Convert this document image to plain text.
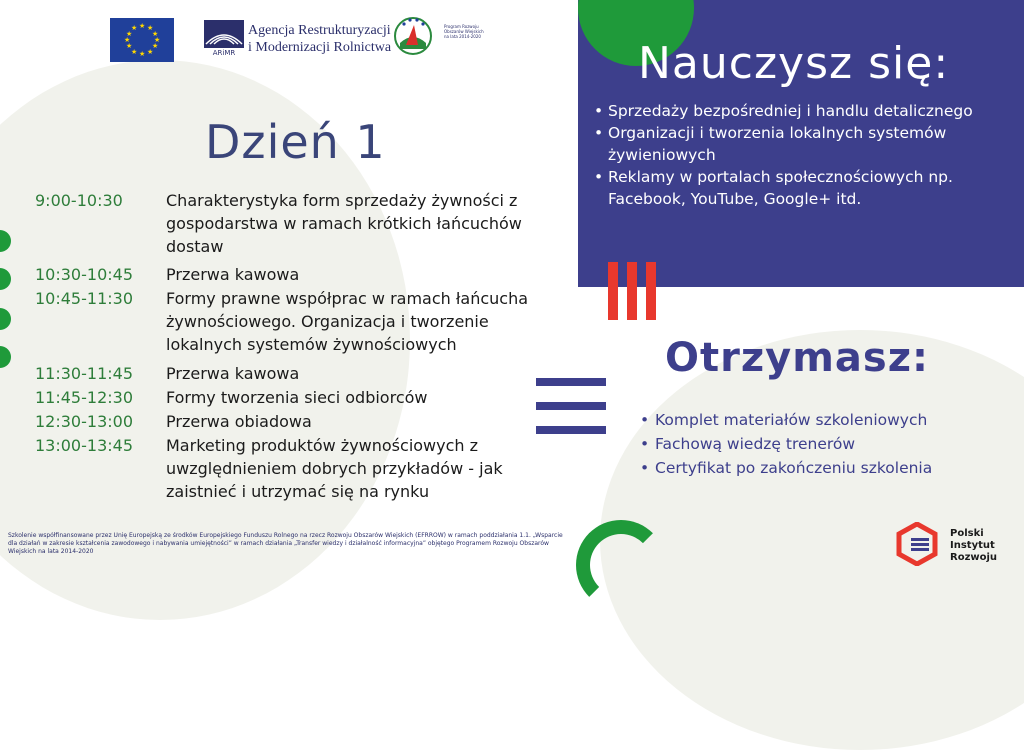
★ ★
★
★
★
★
★
★
★
★
★
★
ARiMR
Agencja Restrukturyzacji
i Modernizacji Rolnictwa
Program Rozwoju Obszarów Wiejskich na lata 2014-2020
Dzień 1
9:00-10:30	Charakterystyka form sprzedaży żywności z
gospodarstwa w ramach krótkich łańcuchów
dostaw
10:30-10:45	Przerwa kawowa
10:45-11:30	Formy prawne współprac w ramach łańcucha
żywnościowego. Organizacja i tworzenie
lokalnych systemów żywnościowych
11:30-11:45	Przerwa kawowa
11:45-12:30	Formy tworzenia sieci odbiorców
12:30-13:00	Przerwa obiadowa
13:00-13:45	Marketing produktów żywnościowych z
uwzględnieniem dobrych przykładów - jak
zaistnieć i utrzymać się na rynku
Nauczysz się:
• Sprzedaży bezpośredniej i handlu detalicznego
• Organizacji i tworzenia lokalnych systemów żywieniowych
• Reklamy w portalach społecznościowych np. Facebook, YouTube, Google+ itd.
Otrzymasz:
• Komplet materiałów szkoleniowych
• Fachową wiedzę trenerów
• Certyfikat po zakończeniu szkolenia
Szkolenie współfinansowane przez Unię Europejską ze środków Europejskiego Funduszu Rolnego na rzecz Rozwoju Obszarów Wiejskich (EFRROW) w ramach poddziałania 1.1. „Wsparcie dla działań w zakresie kształcenia zawodowego i nabywania umiejętności” w ramach działania „Transfer wiedzy i działalność informacyjna” objętego Programem Rozwoju Obszarów Wiejskich na lata 2014-2020
Polski
Instytut
Rozwoju
